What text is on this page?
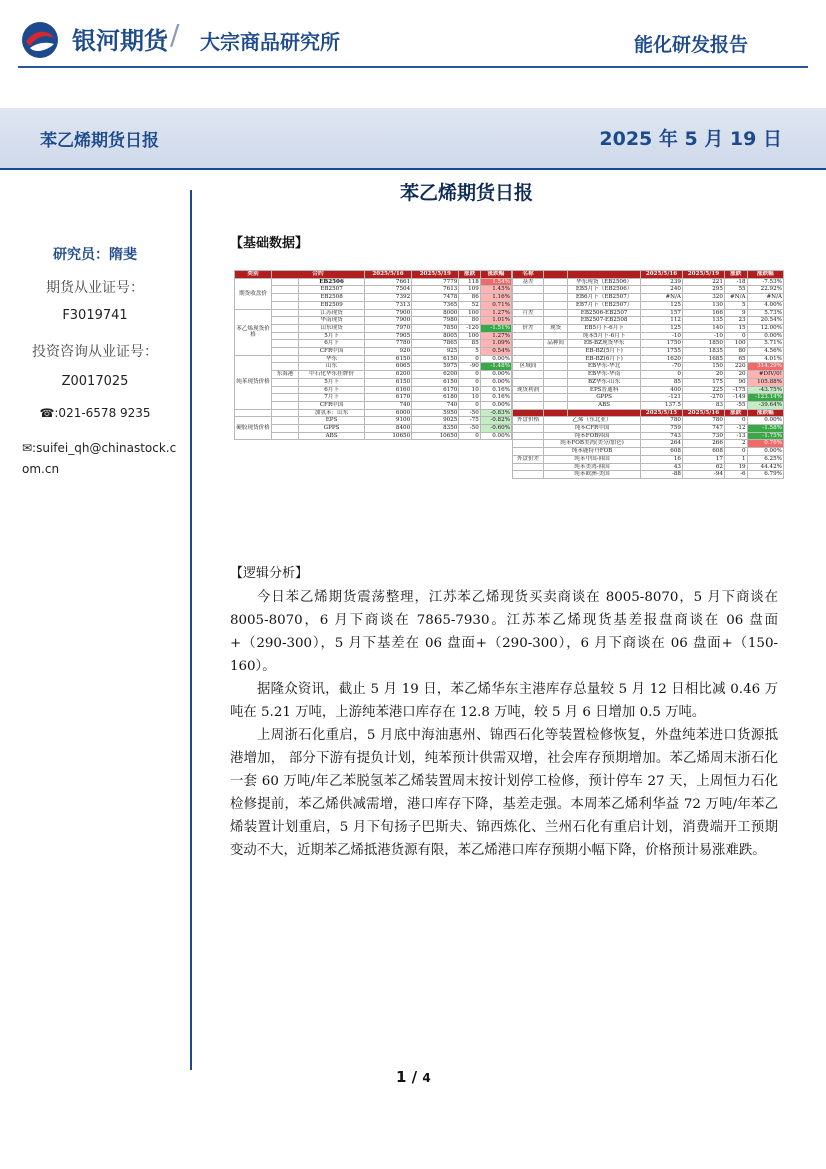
银河期货 / 大宗商品研究所	能化研发报告
苯乙烯期货日报	2025 年 5 月 19 日
研究员：隋斐
期货从业证号：
F3019741
投资咨询从业证号：
Z0017025
☎:021-6578 9235
✉:suifei_qh@chinastock.com.cn
苯乙烯期货日报
【基础数据】
类别	合约		2025/5/16	2025/5/19	涨跌	涨跌幅
期货收盘价		EB2506	7661	7779	118	1.54%
		EB2507	7504	7613	109	1.45%
		EB2508	7392	7478	86	1.16%
		EB2509	7313	7365	52	0.71%
苯乙烯现货价格		江苏现货	7900	8000	100	1.27%
		华南现货	7900	7980	80	1.01%
		山东现货	7970	7850	-120	-1.51%
		5月下	7905	8005	100	1.27%
		6月下	7780	7865	85	1.09%
		CFR中国	920	925	5	0.54%
纯苯现货价格		华东	6150	6150	0	0.00%
		山东	6065	5975	-90	-1.48%
	东海港	中石化华东挂牌价	6200	6200	0	0.00%
		5月下	6150	6150	0	0.00%
		6月下	6160	6170	10	0.16%
		7月下	6170	6180	10	0.16%
		CFR中国	740	740	0	0.00%
		加氢苯：山东	6000	5950	-50	-0.83%
硬胶现货价格		EPS	9100	9025	-75	-0.82%
		GPPS	8400	8350	-50	-0.60%
		ABS	10650	10650	0	0.00%
名称			2025/5/16	2025/5/19	涨跌	涨跌幅
基差		华东现货（EB2506）	239	221	-18	-7.53%
		EB5月下（EB2506）	240	295	55	22.92%
		EB6月下（EB2507）	#N/A	320	#N/A	#N/A
		EB7月下（EB2507）	125	130	5	4.00%
月差		EB2506-EB2507	157	166	9	5.73%
		EB2507-EB2508	112	135	23	20.54%
价差	现货	EB5月下-6月下	125	140	15	12.00%
		纯苯5月下-6月下	-10	-10	0	0.00%
	品种间	EB-BZ现货华东	1750	1850	100	5.71%
		EB-BZ(5月下)	1755	1835	80	4.56%
		EB-BZ(6月下)	1620	1685	65	4.01%
区域间		EB华东-华北	-70	150	220	314.29%
		EB华东-华南	0	20	20	#DIV/0!
		BZ华东-山东	85	175	90	105.88%
现货利润		EPS普通料	400	225	-175	-43.75%
		GPPS	-121	-270	-149	-123.14%
		ABS	137.5	83	-55	-39.64%
			2025/5/15	2025/5/16	涨跌	涨跌幅
外盘价格	乙烯（东北亚）		780	780	0	0.00%
	纯苯CFR中国		759	747	-12	-1.58%
	纯苯FOB韩国		743	730	-13	-1.75%
	纯苯FOB美湾(美分/加仑)		264	266	2	0.76%
	纯苯鹿特丹FOB		608	608	0	0.00%
外盘价差	纯苯中国-韩国		16	17	1	6.25%
	纯苯美湾-韩国		43	62	19	44.42%
	纯苯欧洲-美国		-88	-94	-6	6.79%
【逻辑分析】

今日苯乙烯期货震荡整理，江苏苯乙烯现货买卖商谈在 8005-8070，5 月下商谈在 8005-8070，6 月下商谈在 7865-7930。江苏苯乙烯现货基差报盘商谈在 06 盘面+（290-300），5 月下基差在 06 盘面+（290-300），6 月下商谈在 06 盘面+（150-160）。

据隆众资讯，截止 5 月 19 日，苯乙烯华东主港库存总量较 5 月 12 日相比减 0.46 万吨在 5.21 万吨，上游纯苯港口库存在 12.8 万吨，较 5 月 6 日增加 0.5 万吨。

上周浙石化重启，5 月底中海油惠州、锦西石化等装置检修恢复，外盘纯苯进口货源抵港增加， 部分下游有提负计划，纯苯预计供需双增，社会库存预期增加。苯乙烯周末浙石化一套 60 万吨/年乙苯脱氢苯乙烯装置周末按计划停工检修，预计停车 27 天，上周恒力石化检修提前，苯乙烯供减需增，港口库存下降，基差走强。本周苯乙烯利华益 72 万吨/年苯乙烯装置计划重启，5 月下旬扬子巴斯夫、锦西炼化、兰州石化有重启计划，消费端开工预期变动不大，近期苯乙烯抵港货源有限，苯乙烯港口库存预期小幅下降，价格预计易涨难跌。

1 / 4
